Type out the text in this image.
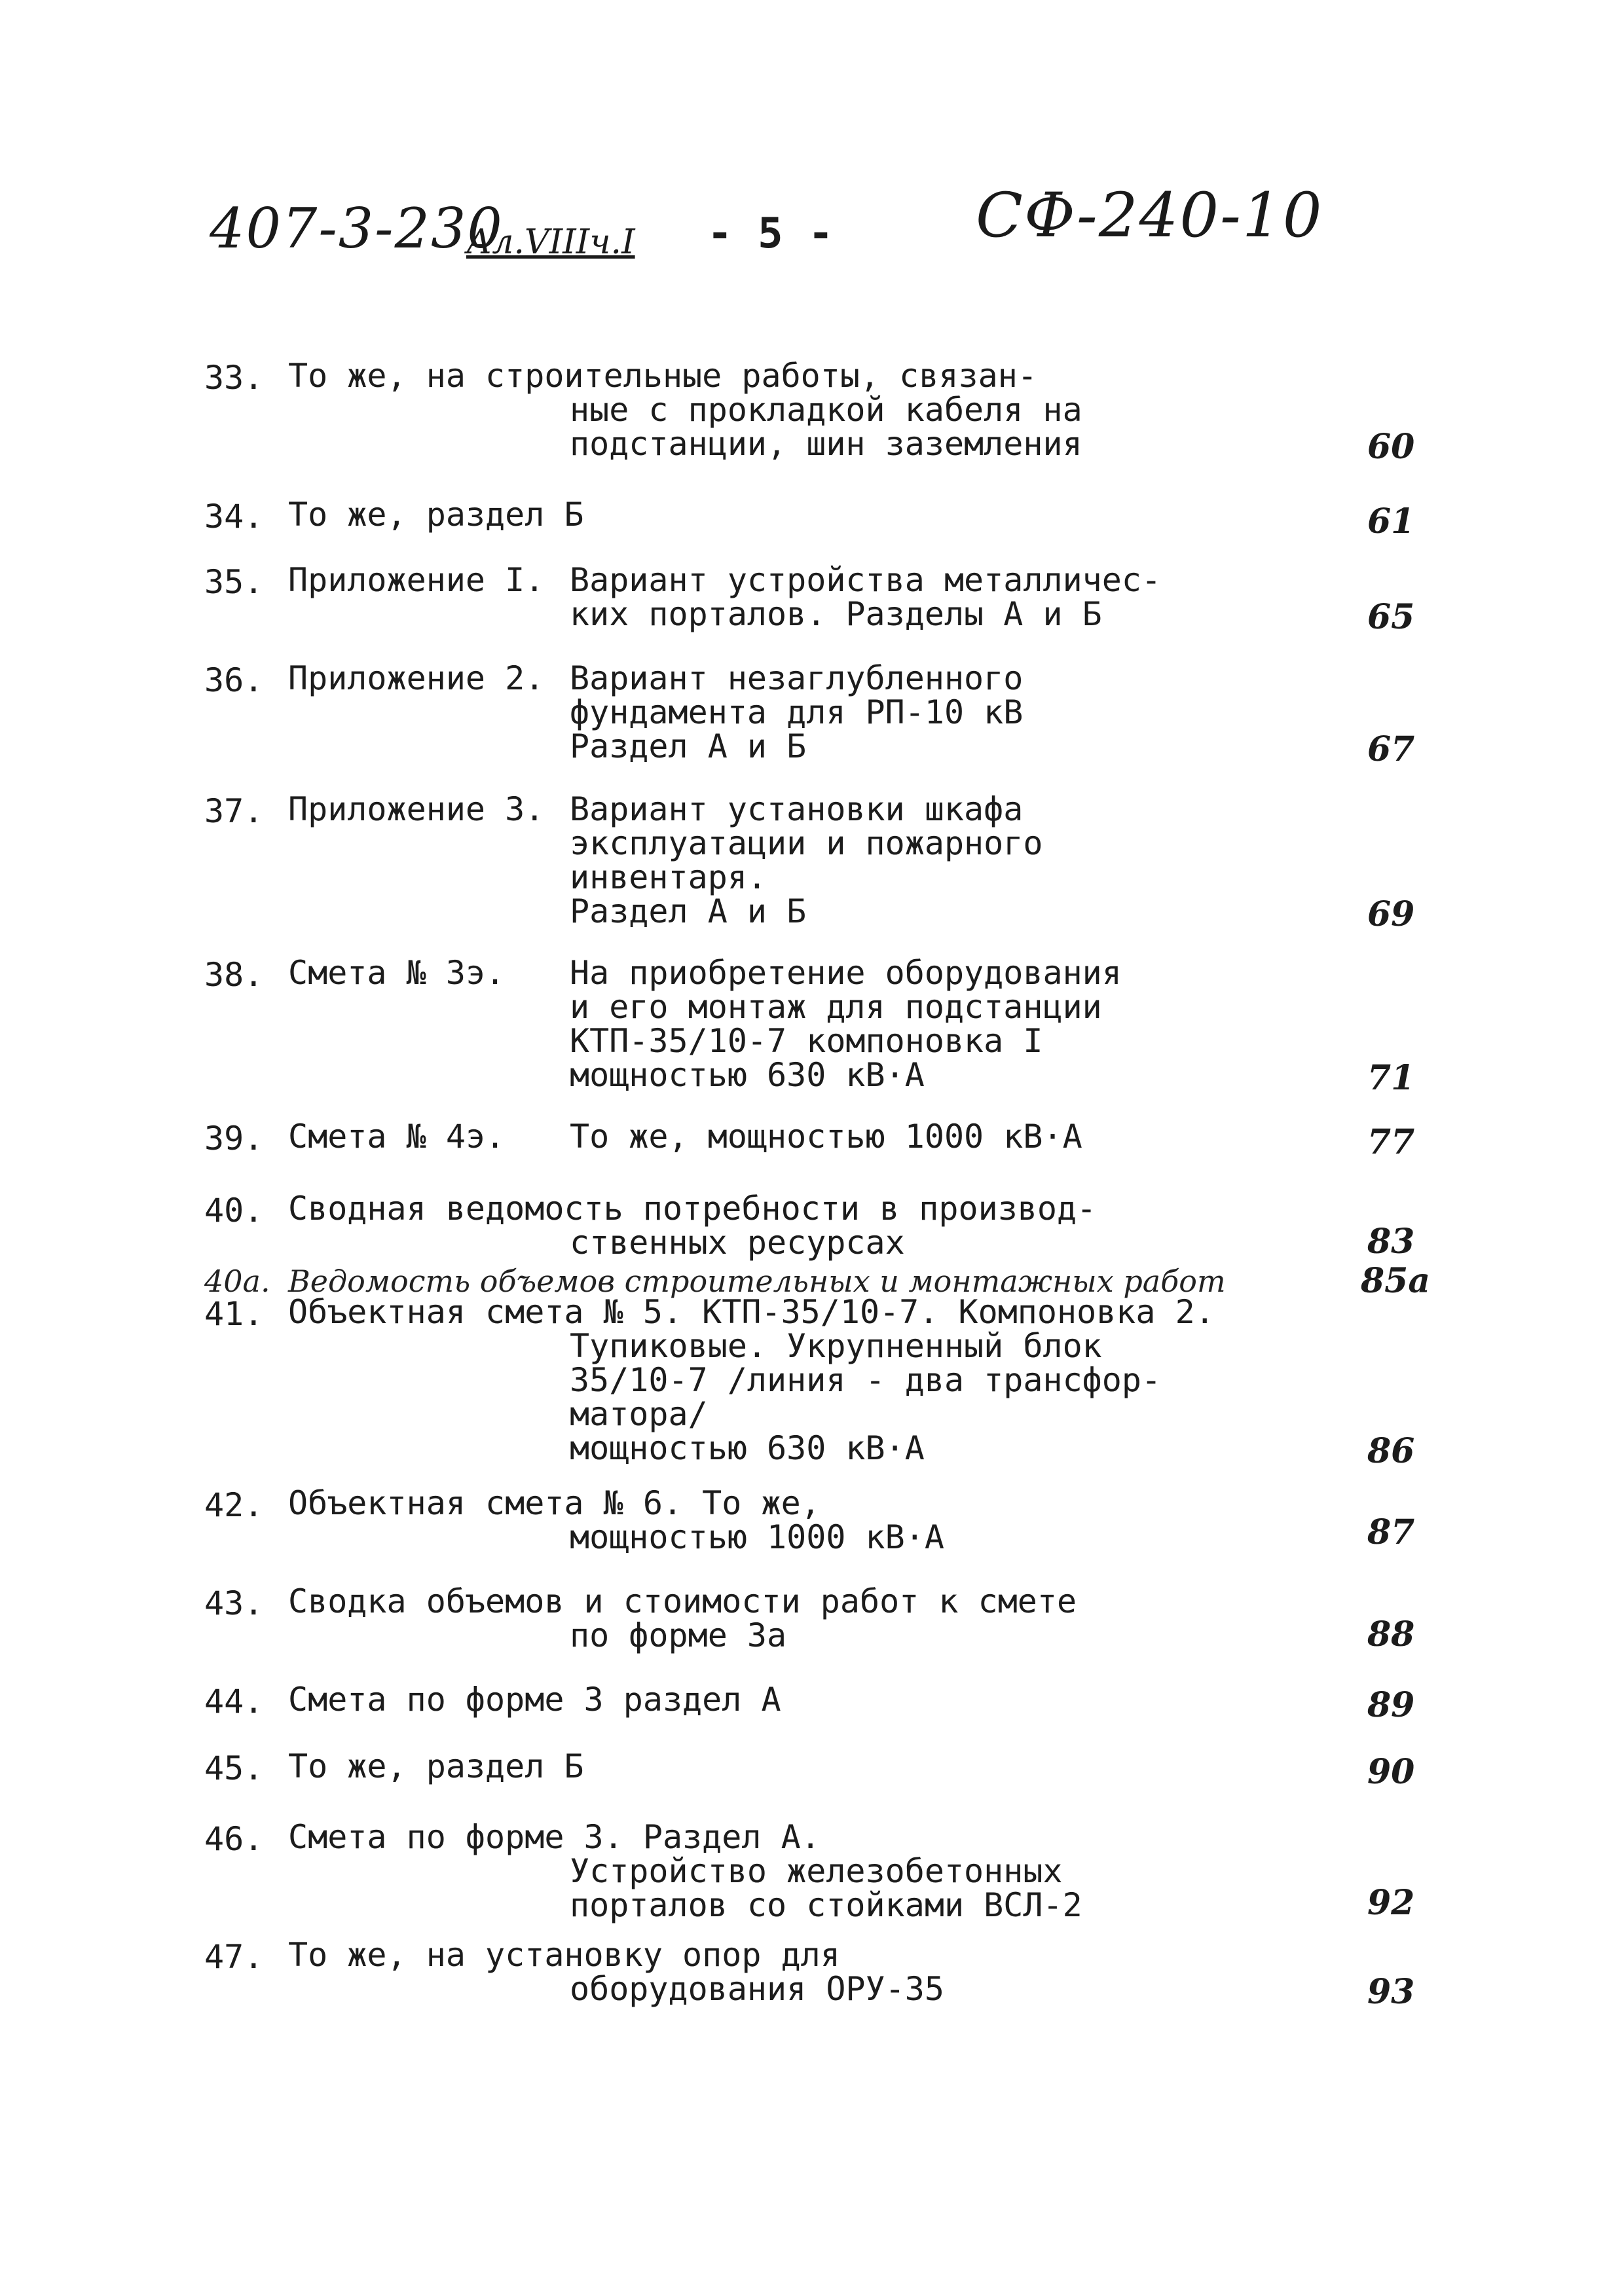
407-3-230
Ал.VIIIч.I - 5 - СФ-240-10
33. То же, на строительные работы, связан-
ные с прокладкой кабеля на
подстанции, шин заземления	60
34. То же, раздел Б	61
35. Приложение I. Вариант устройства металличес-
ких порталов. Разделы А и Б	65
36. Приложение 2. Вариант незаглубленного
фундамента для РП-10 кВ
Раздел А и Б	67
37. Приложение 3. Вариант установки шкафа
эксплуатации и пожарного
инвентаря.
Раздел А и Б	69
38. Смета № 3э. На приобретение оборудования
и его монтаж для подстанции
КТП-35/10-7 компоновка I
мощностью 630 кВ·А	71
39. Смета № 4э. То же, мощностью 1000 кВ·А	77
40. Сводная ведомость потребности в производ-
ственных ресурсах	83
40а. Ведомость объемов строительных и монтажных работ	85а
41. Объектная смета № 5. КТП-35/10-7. Компоновка 2.
Тупиковые. Укрупненный блок
35/10-7 /линия - два трансфор-
матора/
мощностью 630 кВ·А	86
42. Объектная смета № 6. То же,
мощностью 1000 кВ·А	87
43. Сводка объемов и стоимости работ к смете
по форме 3а	88
44. Смета по форме 3 раздел А	89
45. То же, раздел Б	90
46. Смета по форме 3. Раздел А.
Устройство железобетонных
порталов со стойками ВСЛ-2	92
47. То же, на установку опор для
оборудования ОРУ-35	93
